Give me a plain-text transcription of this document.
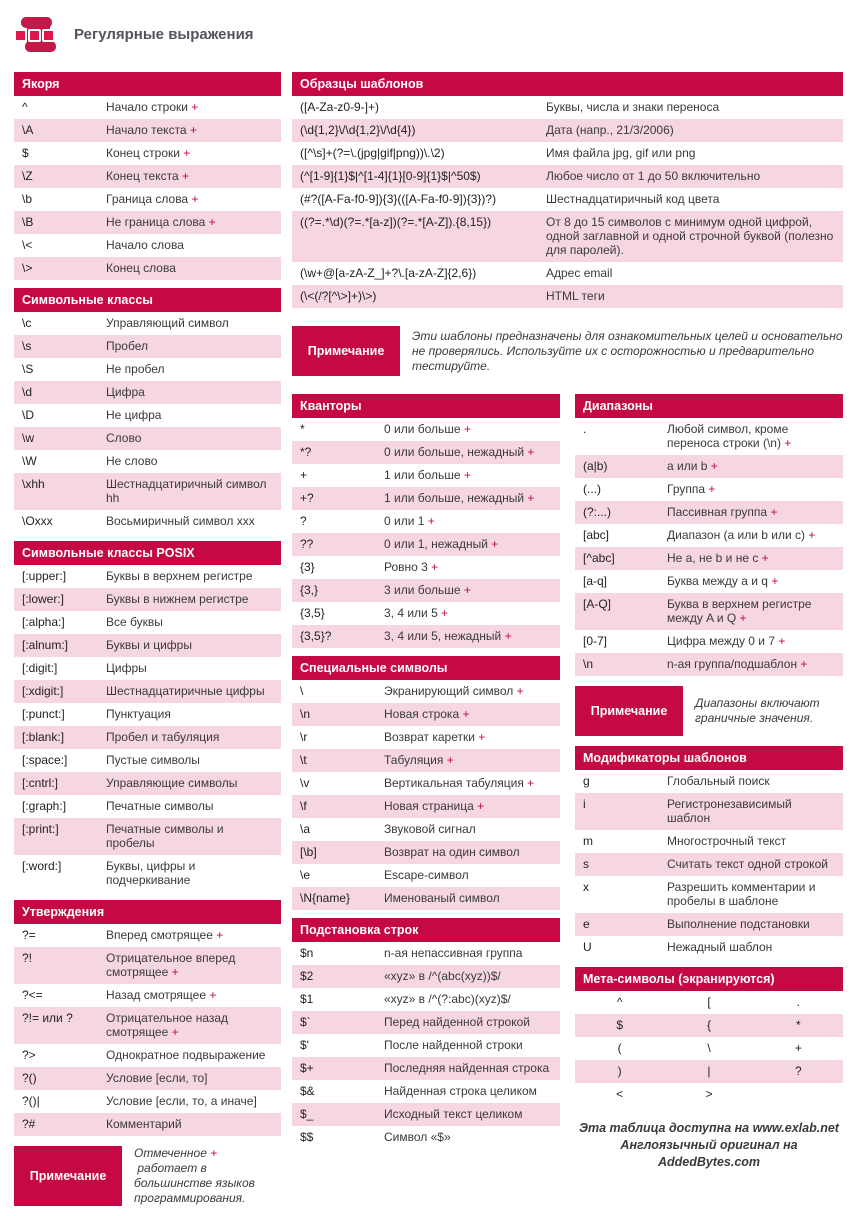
Регулярные выражения
Якоря
^	Начало строки +
\A	Начало текста +
$	Конец строки +
\Z	Конец текста +
\b	Граница слова +
\B	Не граница слова +
\<	Начало слова
\>	Конец слова
Символьные классы
\c	Управляющий символ
\s	Пробел
\S	Не пробел
\d	Цифра
\D	Не цифра
\w	Слово
\W	Не слово
\xhh	Шестнадцатиричный символ hh
\Oxxx	Восьмиричный символ xxx
Символьные классы POSIX
[:upper:]	Буквы в верхнем регистре
[:lower:]	Буквы в нижнем регистре
[:alpha:]	Все буквы
[:alnum:]	Буквы и цифры
[:digit:]	Цифры
[:xdigit:]	Шестнадцатиричные цифры
[:punct:]	Пунктуация
[:blank:]	Пробел и табуляция
[:space:]	Пустые символы
[:cntrl:]	Управляющие символы
[:graph:]	Печатные символы
[:print:]	Печатные символы и пробелы
[:word:]	Буквы, цифры и подчеркивание
Утверждения
?=	Вперед смотрящее +
?!	Отрицательное вперед смотрящее +
?<=	Назад смотрящее +
?!= или ?	Отрицательное назад смотрящее +
?>	Однократное подвыражение
?()	Условие [если, то]
?()|	Условие [если, то, а иначе]
?#	Комментарий
Примечание
Отмеченное +
работает в большинстве языков программирования.
Образцы шаблонов
([A-Za-z0-9-]+)	Буквы, числа и знаки переноса
(\d{1,2}\/\d{1,2}\/\d{4})	Дата (напр., 21/3/2006)
([^\s]+(?=\.(jpg|gif|png))\.\2)	Имя файла jpg, gif или png
(^[1-9]{1}$|^[1-4]{1}[0-9]{1}$|^50$)	Любое число от 1 до 50 включительно
(#?([A-Fa-f0-9]){3}(([A-Fa-f0-9]){3})?)	Шестнадцатиричный код цвета
((?=.*\d)(?=.*[a-z])(?=.*[A-Z]).{8,15})	От 8 до 15 символов с минимум одной цифрой, одной заглавной и одной строчной буквой (полезно для паролей).
(\w+@[a-zA-Z_]+?\.[a-zA-Z]{2,6})	Адрес email
(\<(/?[^\>]+)\>)	HTML теги
Примечание
Эти шаблоны предназначены для ознакомительных целей и основательно не проверялись. Используйте их с осторожностью и предварительно тестируйте.
Кванторы
*	0 или больше +
*?	0 или больше, нежадный +
+	1 или больше +
+?	1 или больше, нежадный +
?	0 или 1 +
??	0 или 1, нежадный +
{3}	Ровно 3 +
{3,}	3 или больше +
{3,5}	3, 4 или 5 +
{3,5}?	3, 4 или 5, нежадный +
Специальные символы
\	Экранирующий символ +
\n	Новая строка +
\r	Возврат каретки +
\t	Табуляция +
\v	Вертикальная табуляция +
\f	Новая страница +
\a	Звуковой сигнал
[\b]	Возврат на один символ
\e	Escape-символ
\N{name}	Именованый символ
Подстановка строк
$n	n-ая непассивная группа
$2	«xyz» в /^(abc(xyz))$/
$1	«xyz» в /^(?:abc)(xyz)$/
$`	Перед найденной строкой
$'	После найденной строки
$+	Последняя найденная строка
$&	Найденная строка целиком
$_	Исходный текст целиком
$$	Символ «$»
Диапазоны
.	Любой символ, кроме переноса строки (\n) +
(a|b)	a или b +
(...)	Группа +
(?:...)	Пассивная группа +
[abc]	Диапазон (a или b или c) +
[^abc]	Не a, не b и не c +
[a-q]	Буква между a и q +
[A-Q]	Буква в верхнем регистре между A и Q +
[0-7]	Цифра между 0 и 7 +
\n	n-ая группа/подшаблон +
Примечание
Диапазоны включают граничные значения.
Модификаторы шаблонов
g	Глобальный поиск
i	Регистронезависимый шаблон
m	Многострочный текст
s	Считать текст одной строкой
x	Разрешить комментарии и пробелы в шаблоне
e	Выполнение подстановки
U	Нежадный шаблон
Мета-символы (экранируются)
^	[	.
$	{	*
(	\	+
)	|	?
<	>
Эта таблица доступна на www.exlab.net
Англоязычный оригинал на AddedBytes.com
